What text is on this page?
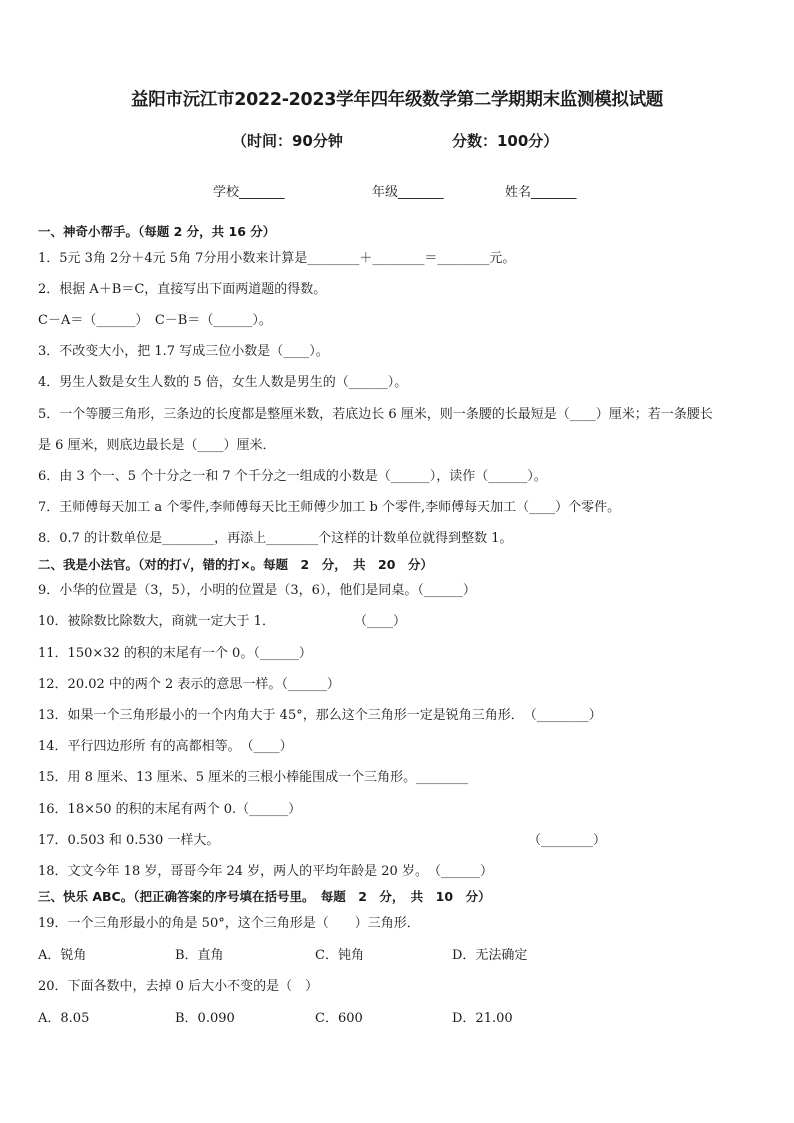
益阳市沅江市2022-2023学年四年级数学第二学期期末监测模拟试题
（时间：90分钟	分数：100分）
学校_______	年级_______	姓名_______
一、神奇小帮手。（每题 2 分，共 16 分）
1．5元 3角 2分＋4元 5角 7分用小数来计算是________＋________＝________元。
2．根据 A＋B＝C，直接写出下面两道题的得数。
C－A＝（______）　C－B＝（______）。
3．不改变大小，把 1.7 写成三位小数是（____）。
4．男生人数是女生人数的 5 倍，女生人数是男生的（______）。
5．一个等腰三角形，三条边的长度都是整厘米数，若底边长 6 厘米，则一条腰的长最短是（____）厘米；若一条腰长
是 6 厘米，则底边最长是（____）厘米．
6．由 3 个一、5 个十分之一和 7 个千分之一组成的小数是（______），读作（______）。
7．王师傅每天加工 a 个零件,李师傅每天比王师傅少加工 b 个零件,李师傅每天加工（____）个零件。
8．0.7 的计数单位是________，再添上________个这样的计数单位就得到整数 1。
二、我是小法官。（对的打√，错的打×。每题　2　分，　共　20　分）
9．小华的位置是（3，5），小明的位置是（3，6），他们是同桌。（______）
10．被除数比除数大，商就一定大于 1．	（____）
11．150×32 的积的末尾有一个 0。（______）
12．20.02 中的两个 2 表示的意思一样。（______）
13．如果一个三角形最小的一个内角大于 45°，那么这个三角形一定是锐角三角形．　（________）
14．平行四边形所 有的高都相等。　（____）
15．用 8 厘米、13 厘米、5 厘米的三根小棒能围成一个三角形。________
16．18×50 的积的末尾有两个 0.（______）
17．0.503 和 0.530 一样大。	（________）
18．文文今年 18 岁，哥哥今年 24 岁，两人的平均年龄是 20 岁。　（______）
三、快乐 ABC。（把正确答案的序号填在括号里。　每题　2　分，　共　10　分）
19．一个三角形最小的角是 50°，这个三角形是（　　）三角形．
A．锐角	B．直角	C．钝角	D．无法确定
20．下面各数中，去掉 0 后大小不变的是（　）
A．8.05	B．0.090	C．600	D．21.00
